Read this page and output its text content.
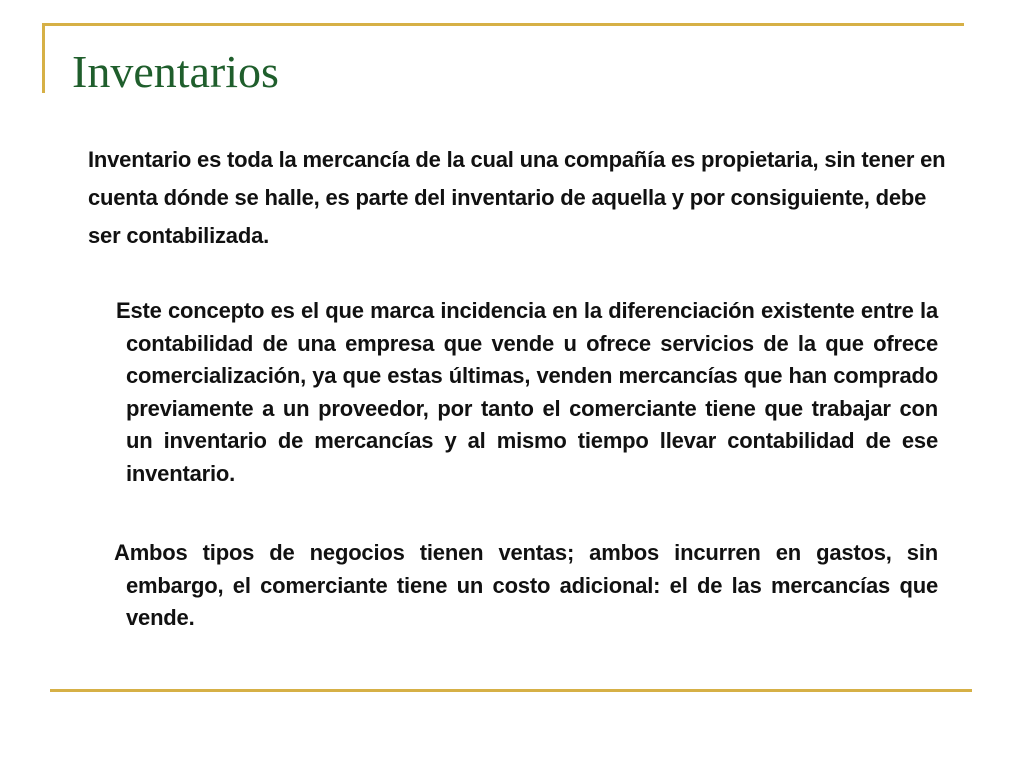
Inventarios

Inventario es toda la mercancía de la cual una compañía es propietaria, sin tener en cuenta dónde se halle, es parte del inventario de aquella y por consiguiente, debe ser contabilizada.

Este concepto es el que marca incidencia en la diferenciación existente entre la contabilidad de una empresa que vende u ofrece servicios de la que ofrece comercialización, ya que estas últimas, venden mercancías que han comprado previamente a un proveedor, por tanto el comerciante tiene que trabajar con un inventario de mercancías y al mismo tiempo llevar contabilidad de ese inventario.

Ambos tipos de negocios tienen ventas; ambos incurren en gastos, sin embargo, el comerciante tiene un costo adicional: el de las mercancías que vende.
